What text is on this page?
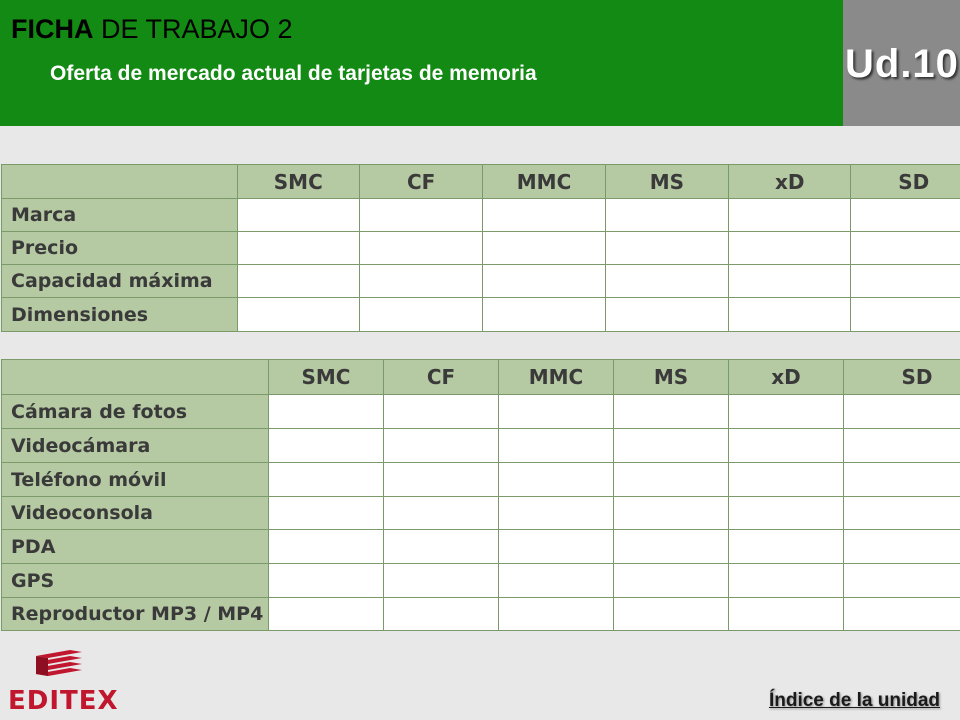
FICHA DE TRABAJO 2
Oferta de mercado actual de tarjetas de memoria	Ud.10
	SMC	CF	MMC	MS	xD	SD
Marca						
Precio						
Capacidad máxima						
Dimensiones						
	SMC	CF	MMC	MS	xD	SD
Cámara de fotos						
Videocámara						
Teléfono móvil						
Videoconsola						
PDA						
GPS						
Reproductor MP3 / MP4						
EDITEX	Índice de la unidad
